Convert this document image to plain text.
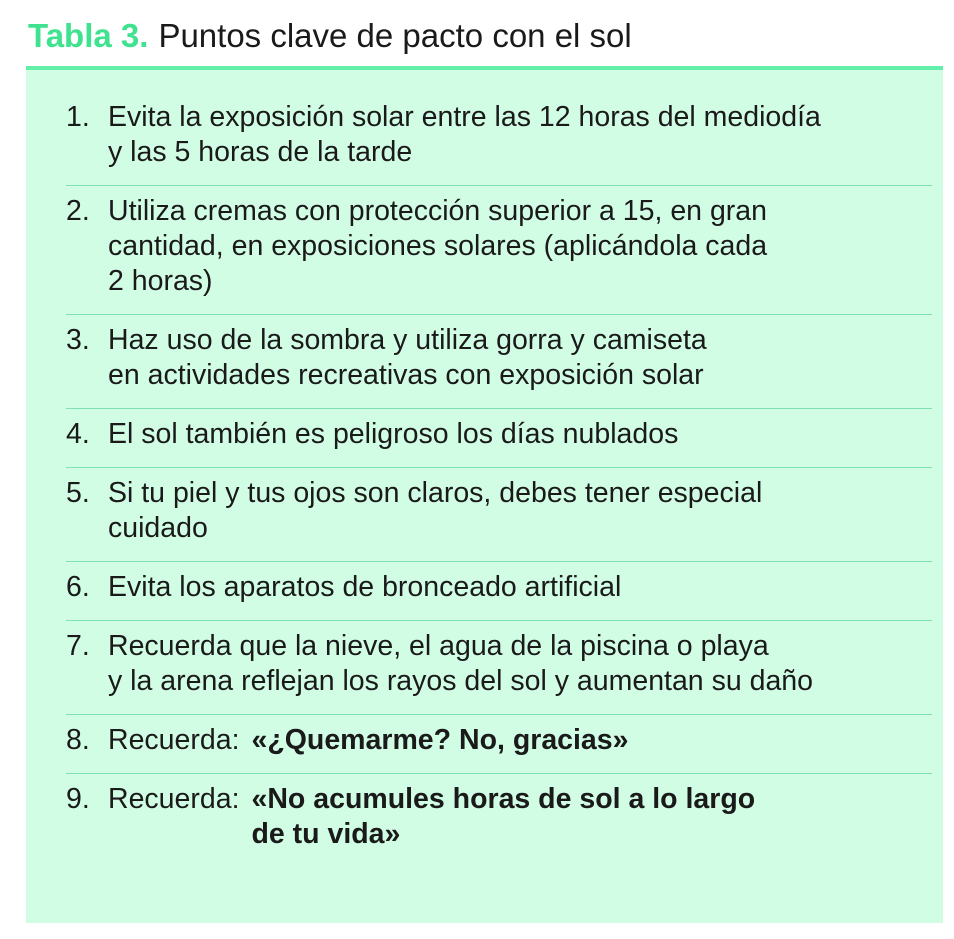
Tabla 3. Puntos clave de pacto con el sol
1. Evita la exposición solar entre las 12 horas del mediodía
y las 5 horas de la tarde
2. Utiliza cremas con protección superior a 15, en gran
cantidad, en exposiciones solares (aplicándola cada
2 horas)
3. Haz uso de la sombra y utiliza gorra y camiseta
en actividades recreativas con exposición solar
4. El sol también es peligroso los días nublados
5. Si tu piel y tus ojos son claros, debes tener especial
cuidado
6. Evita los aparatos de bronceado artificial
7. Recuerda que la nieve, el agua de la piscina o playa
y la arena reflejan los rayos del sol y aumentan su daño
8. Recuerda: «¿Quemarme? No, gracias»
9. Recuerda: «No acumules horas de sol a lo largo
de tu vida»
